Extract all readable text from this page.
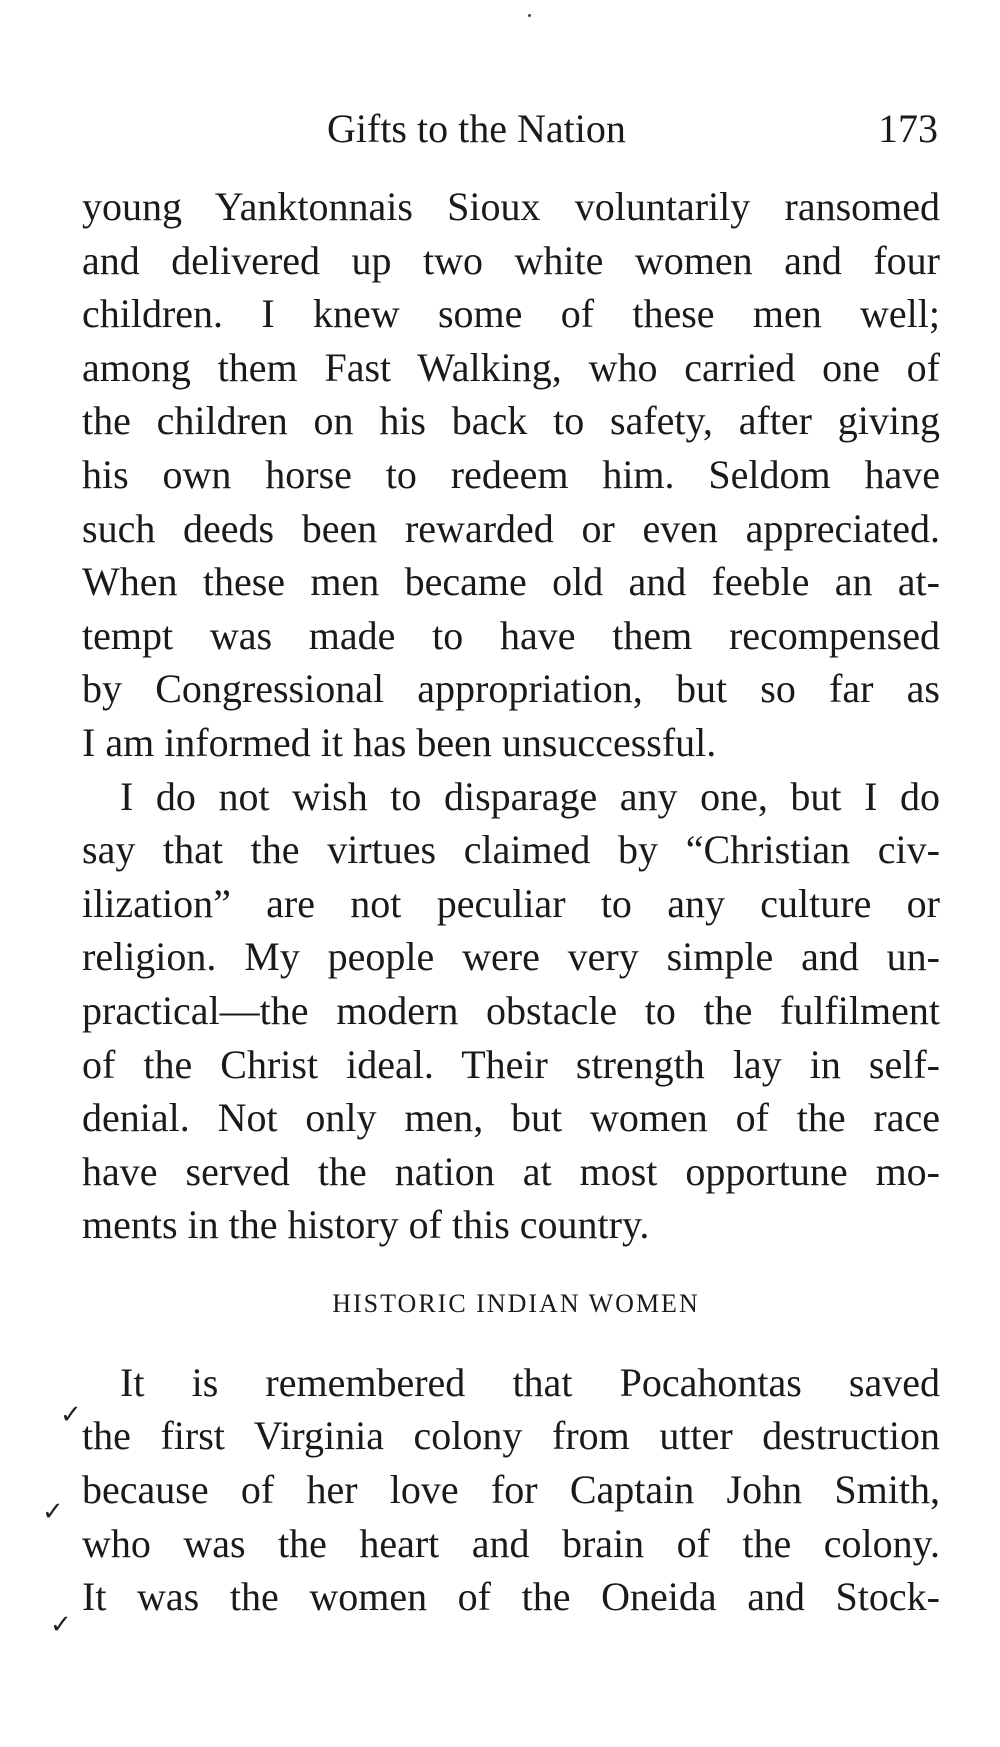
Gifts to the Nation	173
young Yanktonnais Sioux voluntarily ransomed
and delivered up two white women and four
children. I knew some of these men well;
among them Fast Walking, who carried one of
the children on his back to safety, after giving
his own horse to redeem him. Seldom have
such deeds been rewarded or even appreciated.
When these men became old and feeble an at-
tempt was made to have them recompensed
by Congressional appropriation, but so far as
I am informed it has been unsuccessful.
I do not wish to disparage any one, but I do
say that the virtues claimed by “Christian civ-
ilization” are not peculiar to any culture or
religion. My people were very simple and un-
practical—the modern obstacle to the fulfilment
of the Christ ideal. Their strength lay in self-
denial. Not only men, but women of the race
have served the nation at most opportune mo-
ments in the history of this country.
HISTORIC INDIAN WOMEN
It is remembered that Pocahontas saved
the first Virginia colony from utter destruction
because of her love for Captain John Smith,
who was the heart and brain of the colony.
It was the women of the Oneida and Stock-
✓
✓
✓
